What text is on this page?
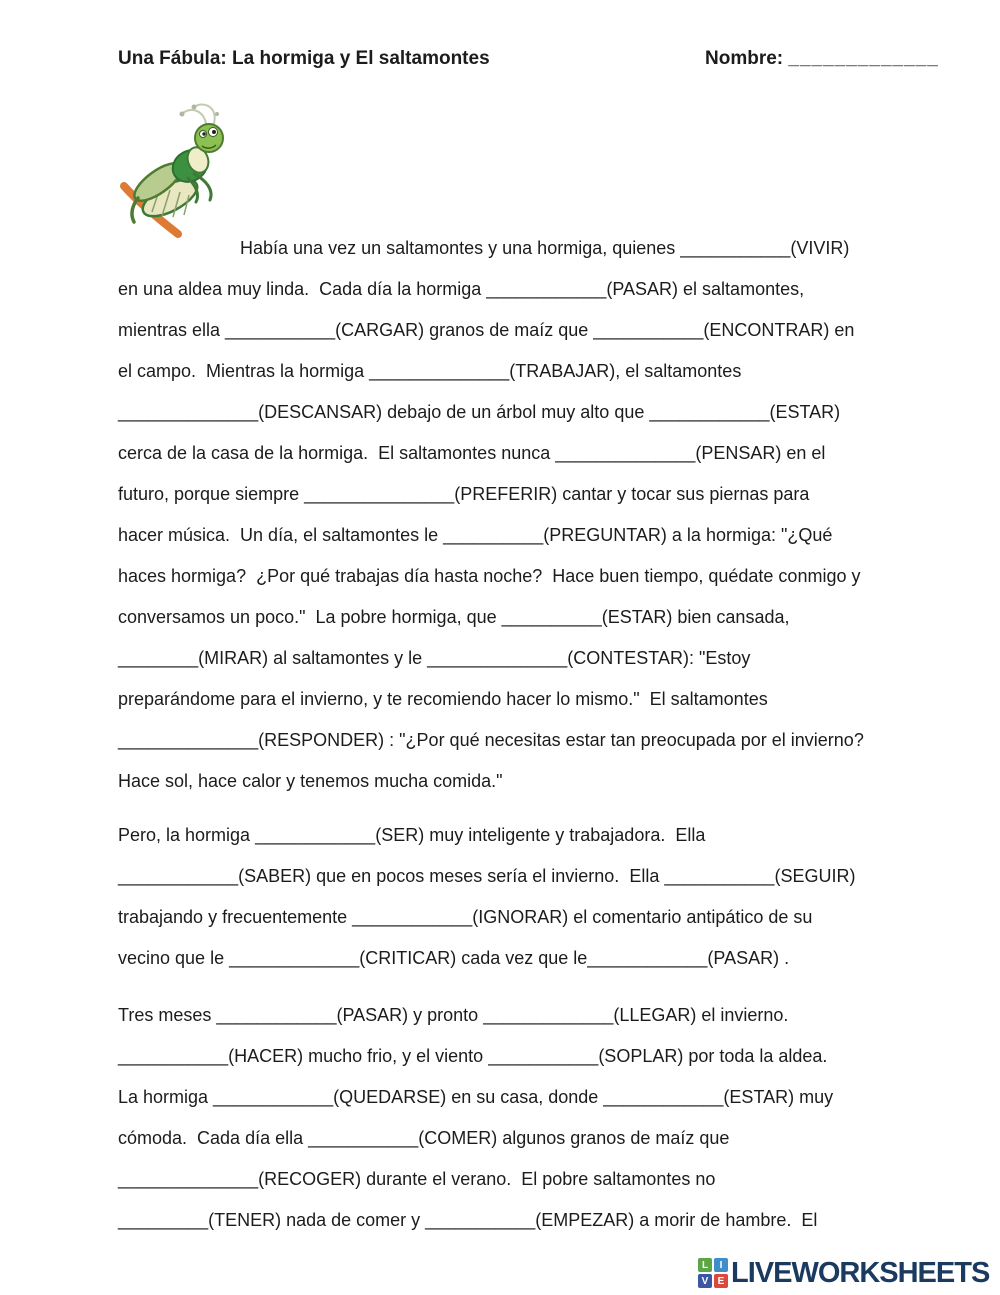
Una Fábula: La hormiga y El saltamontes	Nombre: _____________
Había una vez un saltamontes y una hormiga, quienes ___________(VIVIR)
en una aldea muy linda.  Cada día la hormiga ____________(PASAR) el saltamontes,
mientras ella ___________(CARGAR) granos de maíz que ___________(ENCONTRAR) en
el campo.  Mientras la hormiga ______________(TRABAJAR), el saltamontes
______________(DESCANSAR) debajo de un árbol muy alto que ____________(ESTAR)
cerca de la casa de la hormiga.  El saltamontes nunca ______________(PENSAR) en el
futuro, porque siempre _______________(PREFERIR) cantar y tocar sus piernas para
hacer música.  Un día, el saltamontes le __________(PREGUNTAR) a la hormiga: "¿Qué
haces hormiga?  ¿Por qué trabajas día hasta noche?  Hace buen tiempo, quédate conmigo y
conversamos un poco."  La pobre hormiga, que __________(ESTAR) bien cansada,
________(MIRAR) al saltamontes y le ______________(CONTESTAR): "Estoy
preparándome para el invierno, y te recomiendo hacer lo mismo."  El saltamontes
______________(RESPONDER) : "¿Por qué necesitas estar tan preocupada por el invierno?
Hace sol, hace calor y tenemos mucha comida."
Pero, la hormiga ____________(SER) muy inteligente y trabajadora.  Ella
____________(SABER) que en pocos meses sería el invierno.  Ella ___________(SEGUIR)
trabajando y frecuentemente ____________(IGNORAR) el comentario antipático de su
vecino que le _____________(CRITICAR) cada vez que le____________(PASAR) .
Tres meses ____________(PASAR) y pronto _____________(LLEGAR) el invierno.
___________(HACER) mucho frio, y el viento ___________(SOPLAR) por toda la aldea.
La hormiga ____________(QUEDARSE) en su casa, donde ____________(ESTAR) muy
cómoda.  Cada día ella ___________(COMER) algunos granos de maíz que
______________(RECOGER) durante el verano.  El pobre saltamontes no
_________(TENER) nada de comer y ___________(EMPEZAR) a morir de hambre.  El
L	I
V E LIVEWORKSHEETS
